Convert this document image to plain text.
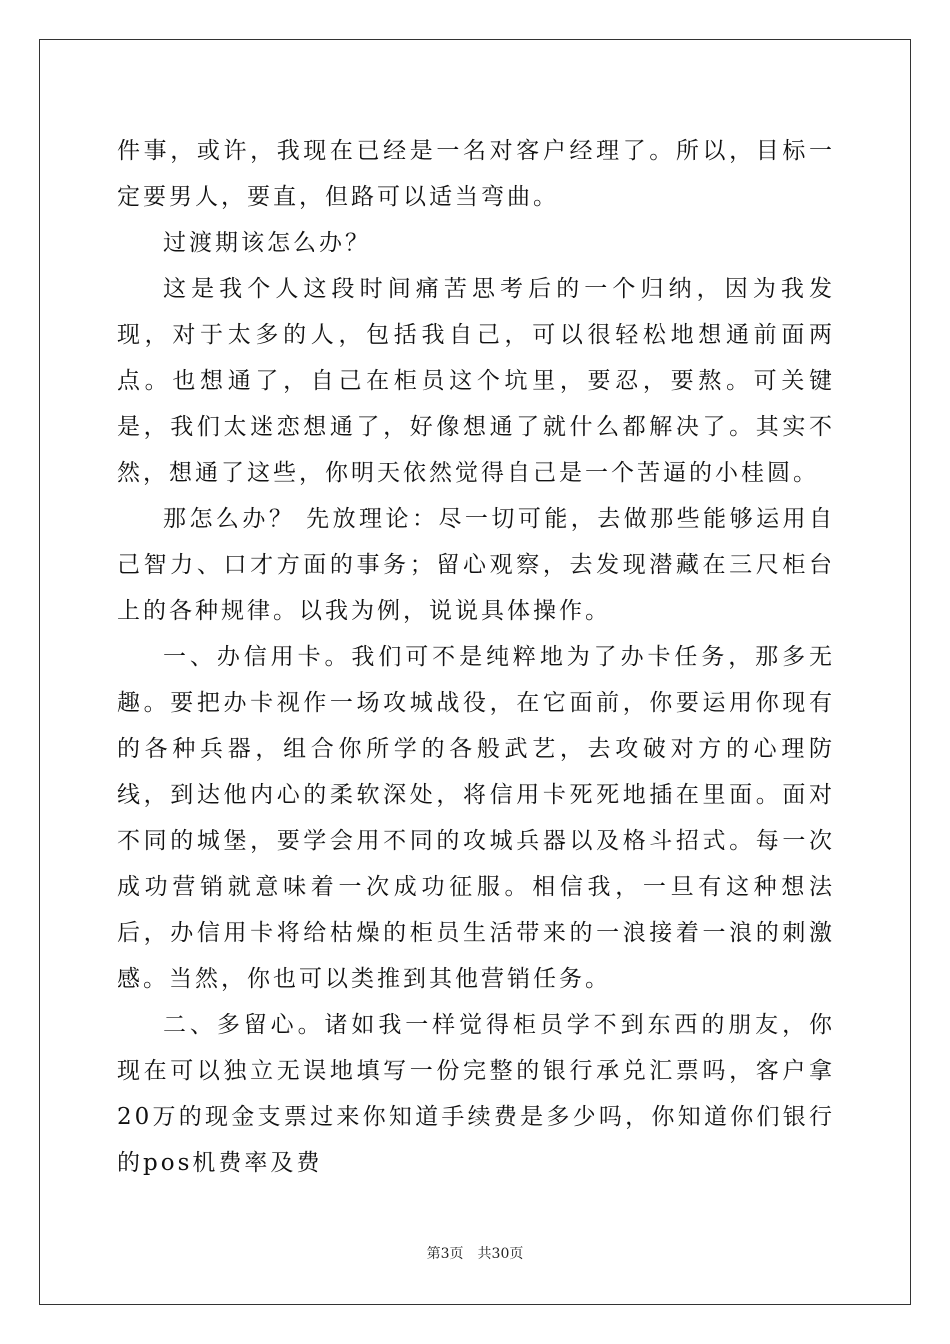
件事，或许，我现在已经是一名对客户经理了。所以，目标一定要男人，要直，但路可以适当弯曲。

过渡期该怎么办？

这是我个人这段时间痛苦思考后的一个归纳，因为我发现，对于太多的人，包括我自己，可以很轻松地想通前面两点。也想通了，自己在柜员这个坑里，要忍，要熬。可关键是，我们太迷恋想通了，好像想通了就什么都解决了。其实不然，想通了这些，你明天依然觉得自己是一个苦逼的小桂圆。

那怎么办？ 先放理论：尽一切可能，去做那些能够运用自己智力、口才方面的事务；留心观察，去发现潜藏在三尺柜台上的各种规律。以我为例，说说具体操作。

一、办信用卡。我们可不是纯粹地为了办卡任务，那多无趣。要把办卡视作一场攻城战役，在它面前，你要运用你现有的各种兵器，组合你所学的各般武艺，去攻破对方的心理防线，到达他内心的柔软深处，将信用卡死死地插在里面。面对不同的城堡，要学会用不同的攻城兵器以及格斗招式。每一次成功营销就意味着一次成功征服。相信我，一旦有这种想法后，办信用卡将给枯燥的柜员生活带来的一浪接着一浪的刺激感。当然，你也可以类推到其他营销任务。

二、多留心。诸如我一样觉得柜员学不到东西的朋友，你现在可以独立无误地填写一份完整的银行承兑汇票吗，客户拿20万的现金支票过来你知道手续费是多少吗，你知道你们银行的pos机费率及费

第3页 共30页
